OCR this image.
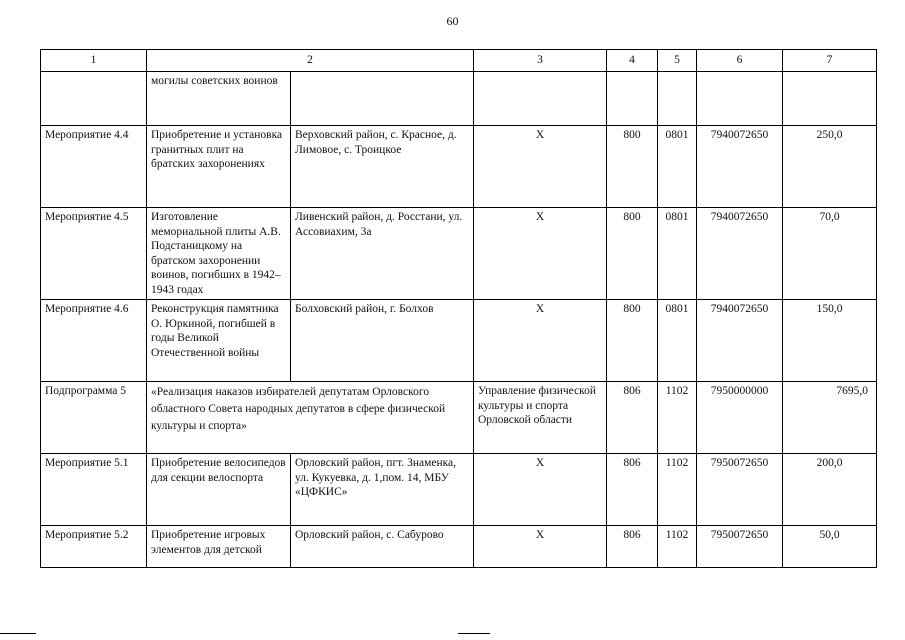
60
1	2		3	4	5	6	7
	могилы советских воинов						
Мероприятие 4.4	Приобретение и установка гранитных плит на братских захоронениях	Верховский район, с. Красное, д. Лимовое, с. Троицкое	X	800	0801	7940072650	250,0
Мероприятие 4.5	Изготовление мемориальной плиты А.В. Подстаницкому на братском захоронении воинов, погибших в 1942–1943 годах	Ливенский район, д. Росстани, ул. Ассовиахим, 3а	X	800	0801	7940072650	70,0
Мероприятие 4.6	Реконструкция памятника О. Юркиной, погибшей в годы Великой Отечественной войны	Болховский район, г. Болхов	X	800	0801	7940072650	150,0
Подпрограмма 5	«Реализация наказов избирателей депутатам Орловского областного Совета народных депутатов в сфере физической культуры и спорта»		Управление физической культуры и спорта Орловской области	806	1102	7950000000	7695,0
Мероприятие 5.1	Приобретение велосипедов для секции велоспорта	Орловский район, пгт. Знаменка, ул. Кукуевка, д. 1,пом. 14, МБУ «ЦФКИС»	X	806	1102	7950072650	200,0
Мероприятие 5.2	Приобретение игровых элементов для детской	Орловский район, с. Сабурово	X	806	1102	7950072650	50,0
